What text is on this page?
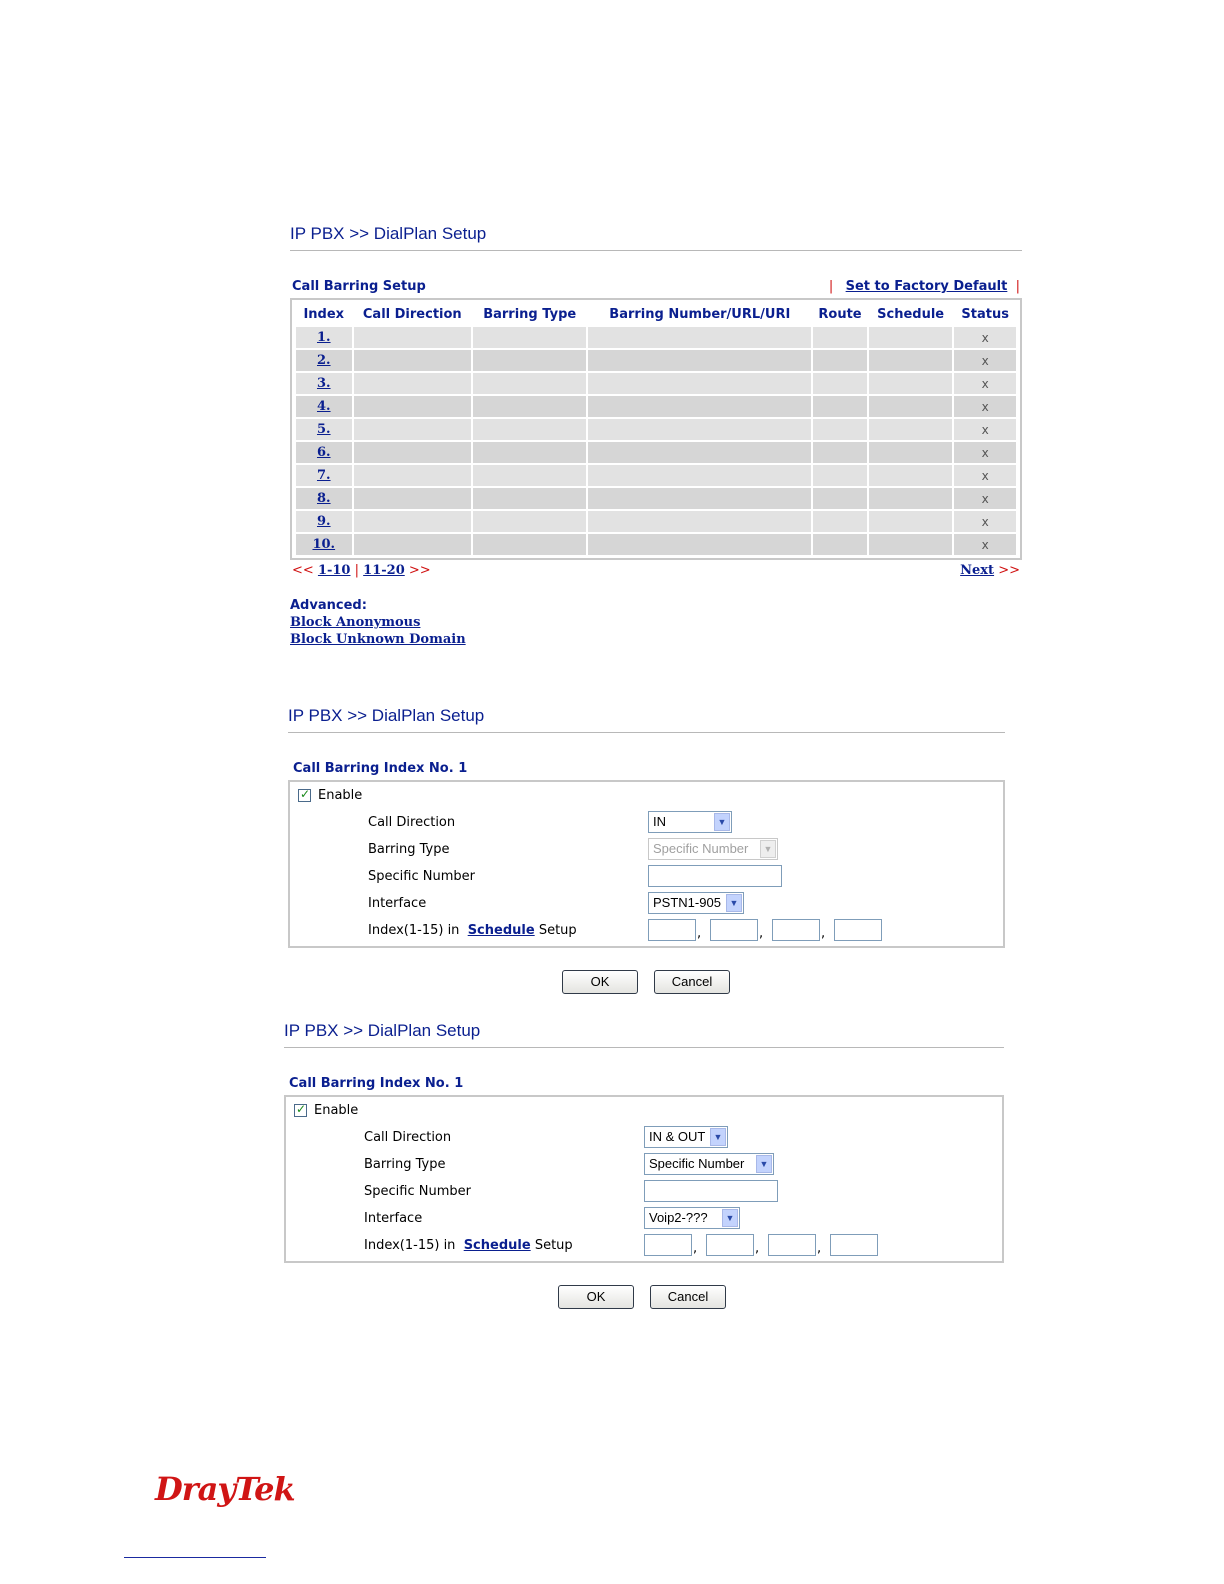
IP PBX >> DialPlan Setup
Call Barring Setup	| Set to Factory Default |
Index	Call Direction	Barring Type	Barring Number/URL/URI	Route	Schedule	Status
1.						x
2.						x
3.						x
4.						x
5.						x
6.						x
7.						x
8.						x
9.						x
10.						x
<< 1-10 | 11-20 >>	Next >>
Advanced:
Block Anonymous
Block Unknown Domain
IP PBX >> DialPlan Setup
Call Barring Index No. 1
✓
Enable
Call Direction	IN	▼
Barring Type	Specific Number	▼
Specific Number
Interface	PSTN1-905 ▼
Index(1-15) in Schedule Setup	,	,	,
OK	Cancel
IP PBX >> DialPlan Setup
Call Barring Index No. 1
✓
Enable
Call Direction	IN & OUT ▼
Barring Type	Specific Number	▼
Specific Number
Interface	Voip2-???	▼
Index(1-15) in Schedule Setup	,	,	,
OK	Cancel
DrayTek
